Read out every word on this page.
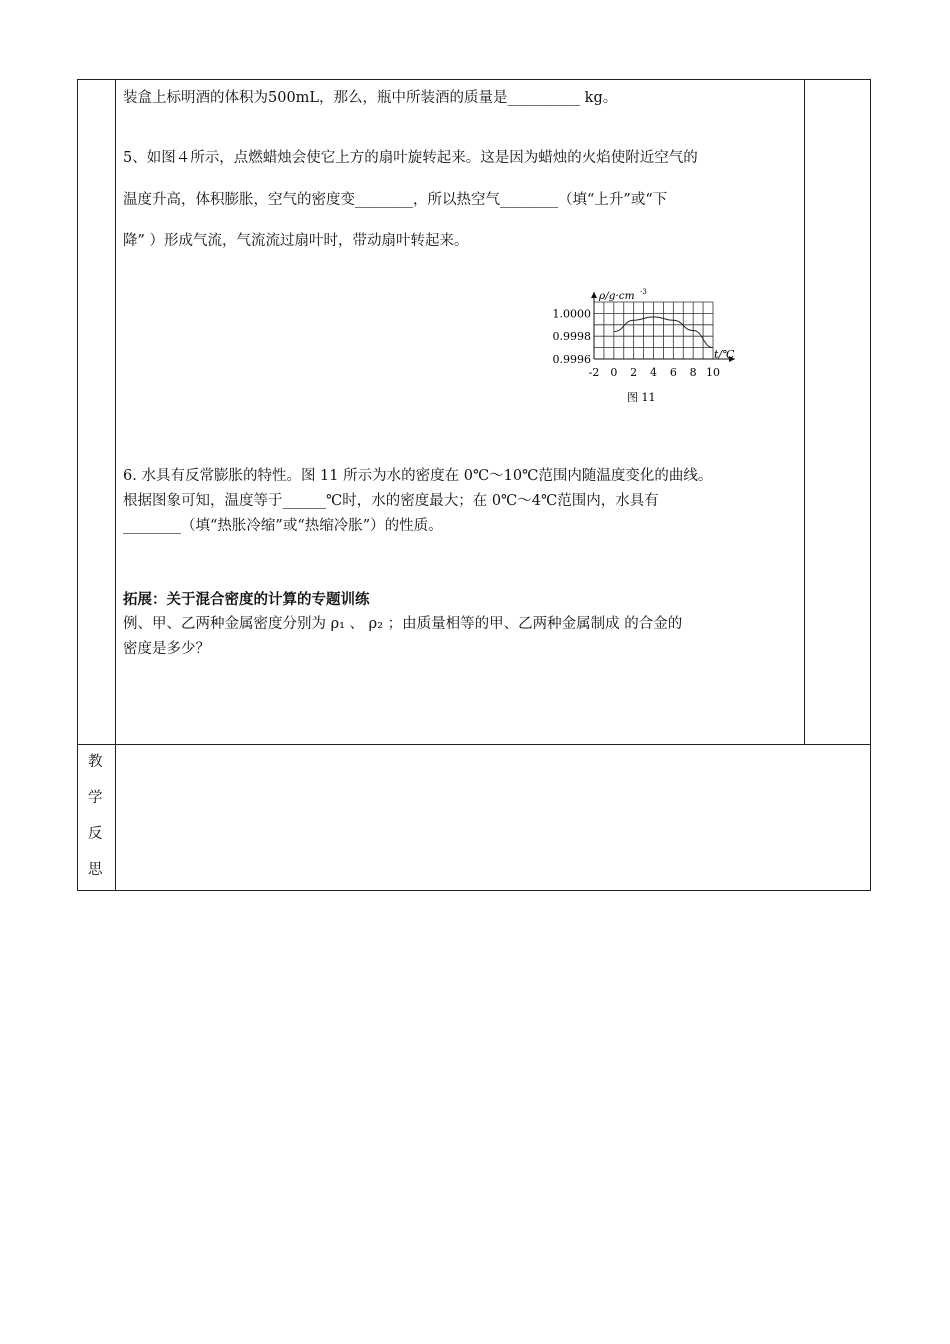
装盒上标明酒的体积为500mL，那么，瓶中所装酒的质量是__________ kg。
5、如图４所示，点燃蜡烛会使它上方的扇叶旋转起来。这是因为蜡烛的火焰使附近空气的
温度升高，体积膨胀，空气的密度变________，所以热空气________（填“上升”或“下
降” ）形成气流，气流流过扇叶时，带动扇叶转起来。
ρ/g·cm -3
t/℃
1.0000
0.9998
0.9996
-2 0 2 4 6 8 10
图 11
6. 水具有反常膨胀的特性。图 11 所示为水的密度在 0℃～10℃范围内随温度变化的曲线。
根据图象可知，温度等于______℃时，水的密度最大；在 0℃～4℃范围内，水具有
________（填“热胀冷缩”或“热缩冷胀”）的性质。
拓展：关于混合密度的计算的专题训练
例、甲、乙两种金属密度分别为 ρ₁ 、 ρ₂ ；由质量相等的甲、乙两种金属制成 的合金的
密度是多少？
教
学
反
思
